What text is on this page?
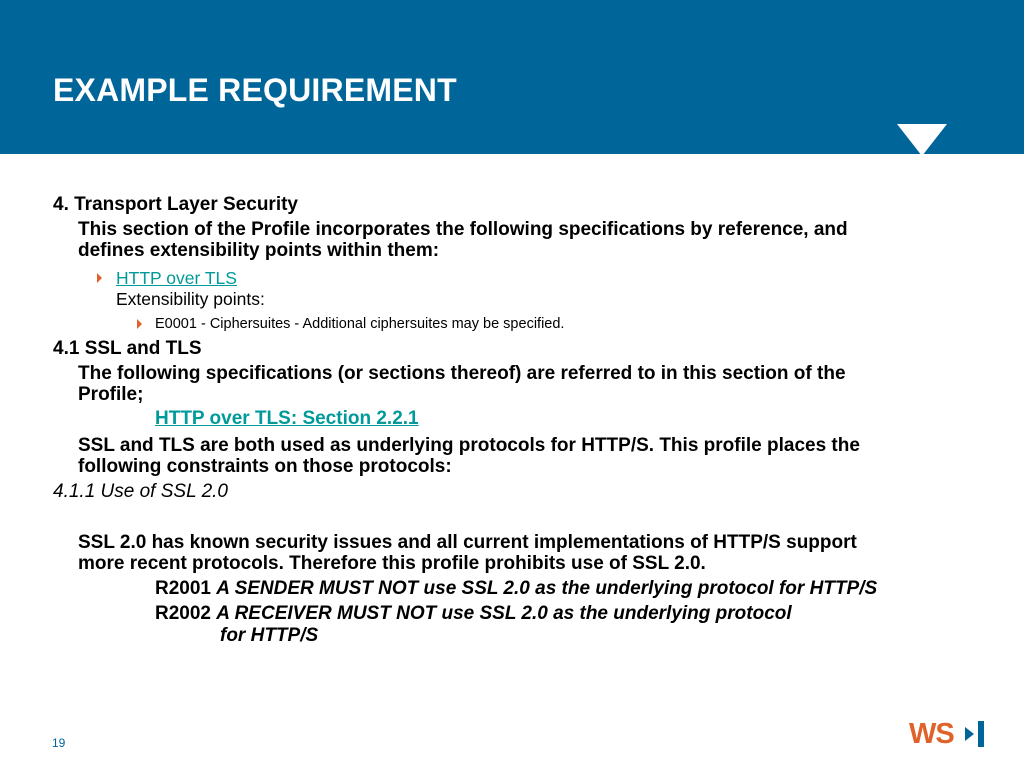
EXAMPLE REQUIREMENT
4. Transport Layer Security
This section of the Profile incorporates the following specifications by reference, and
defines extensibility points within them:
HTTP over TLS
Extensibility points:
E0001 - Ciphersuites - Additional ciphersuites may be specified.
4.1 SSL and TLS
The following specifications (or sections thereof) are referred to in this section of the
Profile;
HTTP over TLS: Section 2.2.1
SSL and TLS are both used as underlying protocols for HTTP/S. This profile places the
following constraints on those protocols:
4.1.1 Use of SSL 2.0
SSL 2.0 has known security issues and all current implementations of HTTP/S support
more recent protocols. Therefore this profile prohibits use of SSL 2.0.
R2001 A SENDER MUST NOT use SSL 2.0 as the underlying protocol for HTTP/S
R2002 A RECEIVER MUST NOT use SSL 2.0 as the underlying protocol
for HTTP/S
19	WS
